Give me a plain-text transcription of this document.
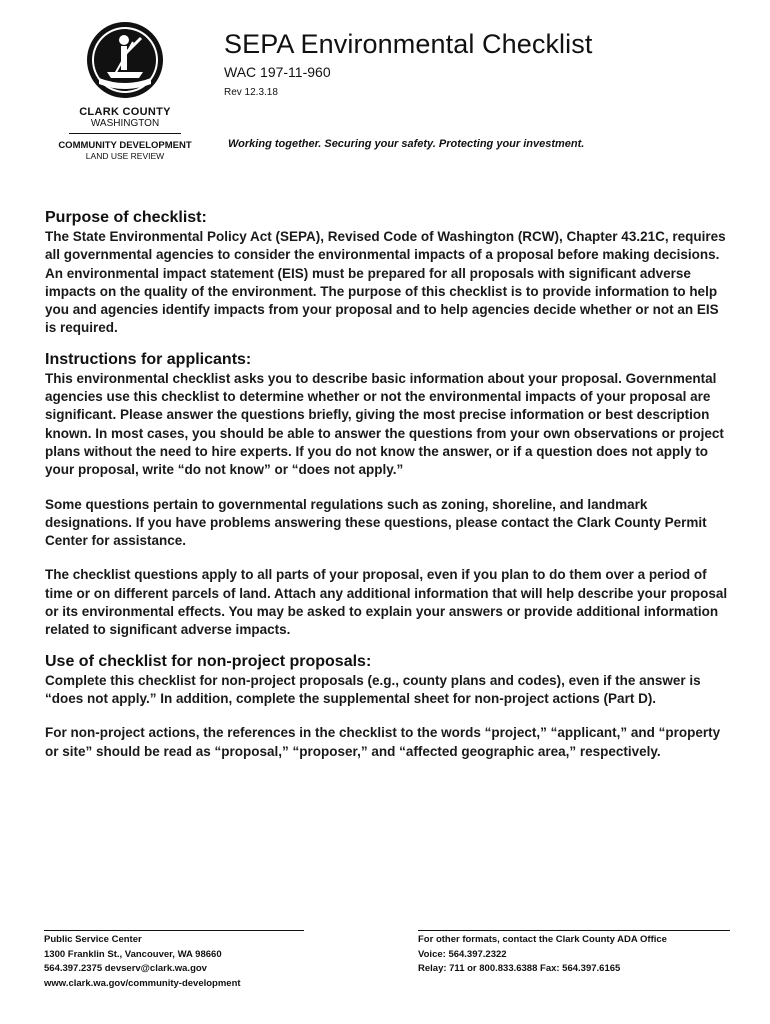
CLARK COUNTY
WASHINGTON
COMMUNITY DEVELOPMENT
LAND USE REVIEW
SEPA Environmental Checklist
WAC 197-11-960
Rev 12.3.18
Working together. Securing your safety. Protecting your investment.
Purpose of checklist:

The State Environmental Policy Act (SEPA), Revised Code of Washington (RCW), Chapter 43.21C, requires all governmental agencies to consider the environmental impacts of a proposal before making decisions. An environmental impact statement (EIS) must be prepared for all proposals with significant adverse impacts on the quality of the environment. The purpose of this checklist is to provide information to help you and agencies identify impacts from your proposal and to help agencies decide whether or not an EIS is required.

Instructions for applicants:

This environmental checklist asks you to describe basic information about your proposal. Governmental agencies use this checklist to determine whether or not the environmental impacts of your proposal are significant. Please answer the questions briefly, giving the most precise information or best description known. In most cases, you should be able to answer the questions from your own observations or project plans without the need to hire experts. If you do not know the answer, or if a question does not apply to your proposal, write “do not know” or “does not apply.”

Some questions pertain to governmental regulations such as zoning, shoreline, and landmark designations. If you have problems answering these questions, please contact the Clark County Permit Center for assistance.

The checklist questions apply to all parts of your proposal, even if you plan to do them over a period of time or on different parcels of land. Attach any additional information that will help describe your proposal or its environmental effects. You may be asked to explain your answers or provide additional information related to significant adverse impacts.

Use of checklist for non-project proposals:

Complete this checklist for non-project proposals (e.g., county plans and codes), even if the answer is “does not apply.” In addition, complete the supplemental sheet for non-project actions (Part D).

For non-project actions, the references in the checklist to the words “project,” “applicant,” and “property or site” should be read as “proposal,” “proposer,” and “affected geographic area,” respectively.

Public Service Center
1300 Franklin St., Vancouver, WA 98660
564.397.2375 devserv@clark.wa.gov
www.clark.wa.gov/community-development
For other formats, contact the Clark County ADA Office
Voice: 564.397.2322
Relay: 711 or 800.833.6388 Fax: 564.397.6165
